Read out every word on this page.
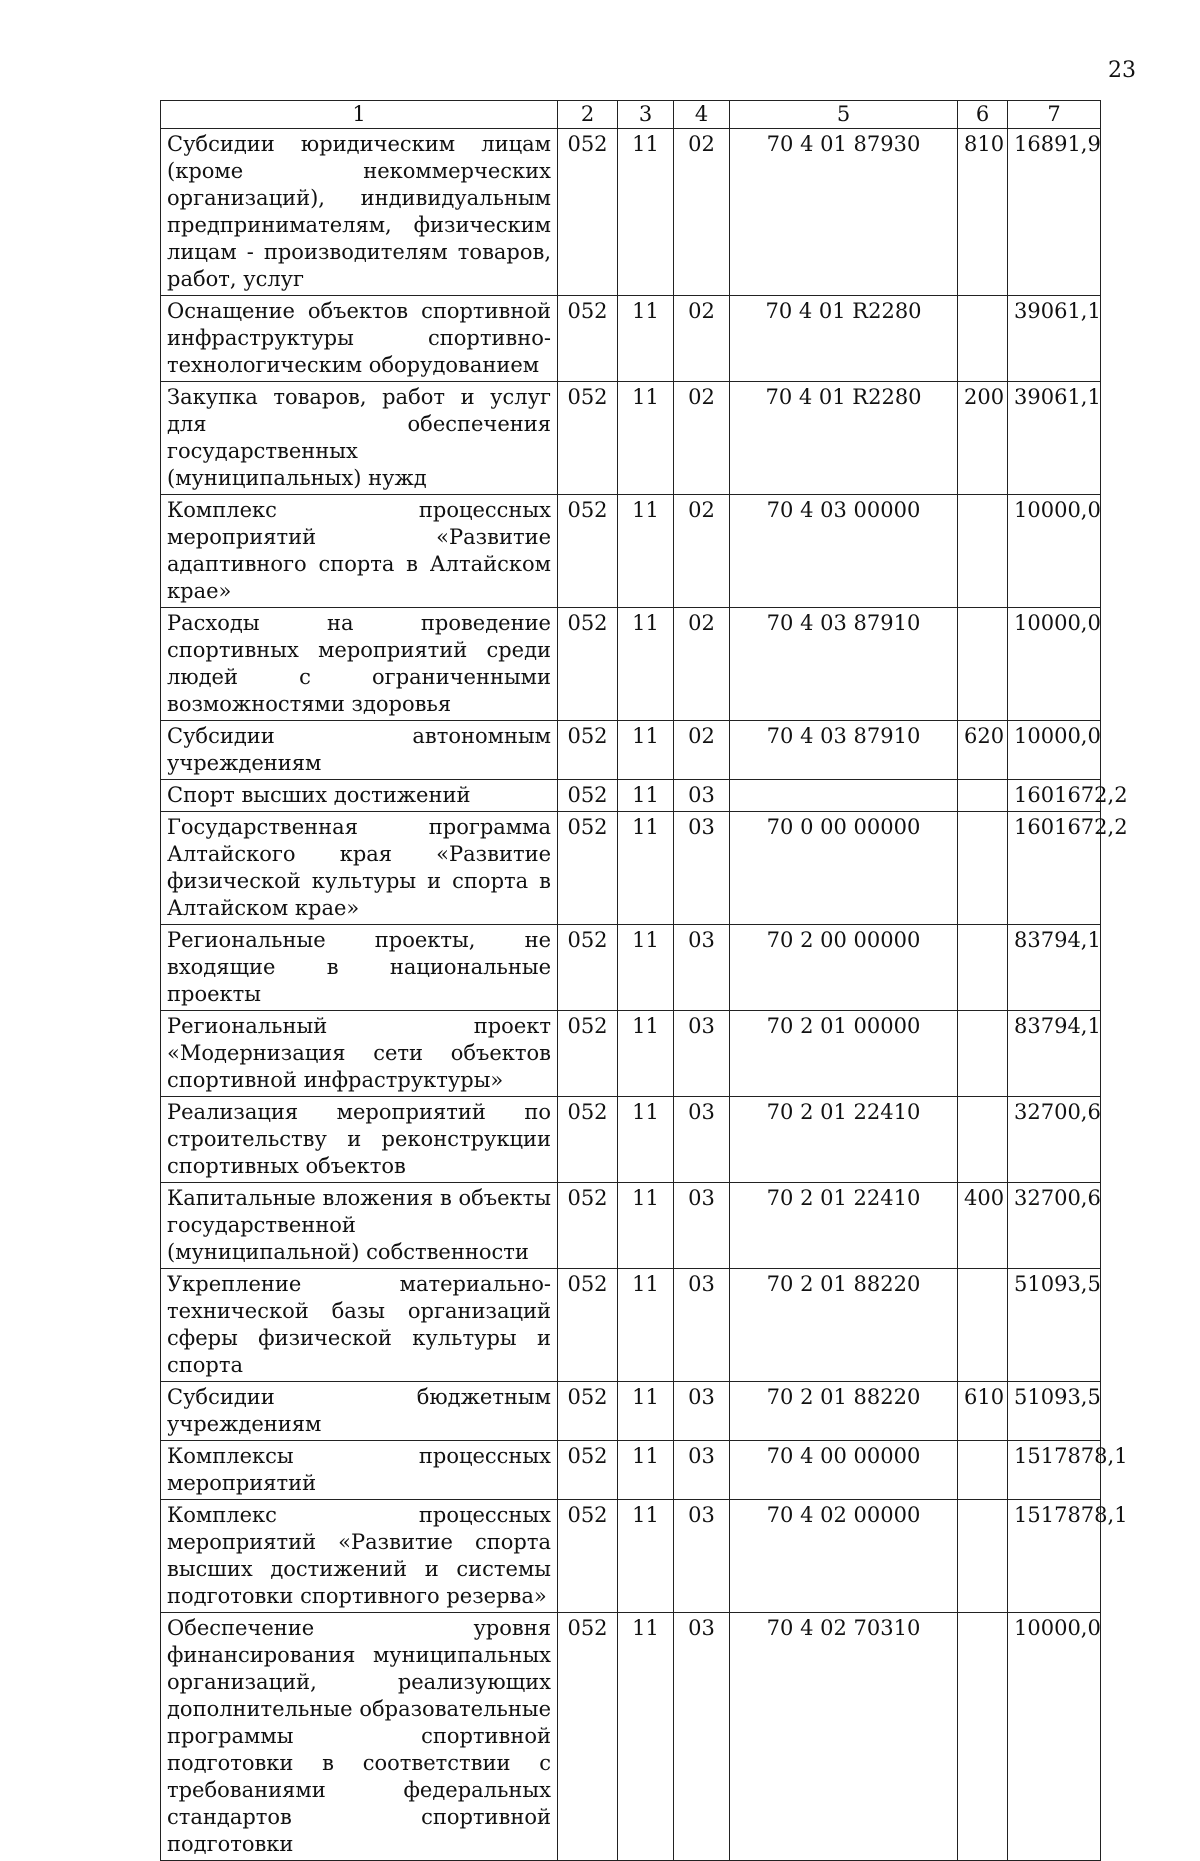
23
1	2	3	4	5	6	7
Субсидии юридическим лицам (кроме некоммерческих организаций), индивидуальным предпринимателям, физическим лицам - производителям товаров, работ, услуг	052	11	02	70 4 01 87930	810	16891,9
Оснащение объектов спортивной инфраструктуры спортивно-технологическим оборудованием	052	11	02	70 4 01 R2280		39061,1
Закупка товаров, работ и услуг для обеспечения государственных (муниципальных) нужд	052	11	02	70 4 01 R2280	200	39061,1
Комплекс процессных мероприятий «Развитие адаптивного спорта в Алтайском крае»	052	11	02	70 4 03 00000		10000,0
Расходы на проведение спортивных мероприятий среди людей с ограниченными возможностями здоровья	052	11	02	70 4 03 87910		10000,0
Субсидии автономным учреждениям	052	11	02	70 4 03 87910	620	10000,0
Спорт высших достижений	052	11	03			1601672,2
Государственная программа Алтайского края «Развитие физической культуры и спорта в Алтайском крае»	052	11	03	70 0 00 00000		1601672,2
Региональные проекты, не входящие в национальные проекты	052	11	03	70 2 00 00000		83794,1
Региональный проект «Модернизация сети объектов спортивной инфраструктуры»	052	11	03	70 2 01 00000		83794,1
Реализация мероприятий по строительству и реконструкции спортивных объектов	052	11	03	70 2 01 22410		32700,6
Капитальные вложения в объекты государственной (муниципальной) собственности	052	11	03	70 2 01 22410	400	32700,6
Укрепление материально-технической базы организаций сферы физической культуры и спорта	052	11	03	70 2 01 88220		51093,5
Субсидии бюджетным учреждениям	052	11	03	70 2 01 88220	610	51093,5
Комплексы процессных мероприятий	052	11	03	70 4 00 00000		1517878,1
Комплекс процессных мероприятий «Развитие спорта высших достижений и системы подготовки спортивного резерва»	052	11	03	70 4 02 00000		1517878,1
Обеспечение уровня финансирования муниципальных организаций, реализующих дополнительные образовательные программы спортивной подготовки в соответствии с требованиями федеральных стандартов спортивной подготовки	052	11	03	70 4 02 70310		10000,0
